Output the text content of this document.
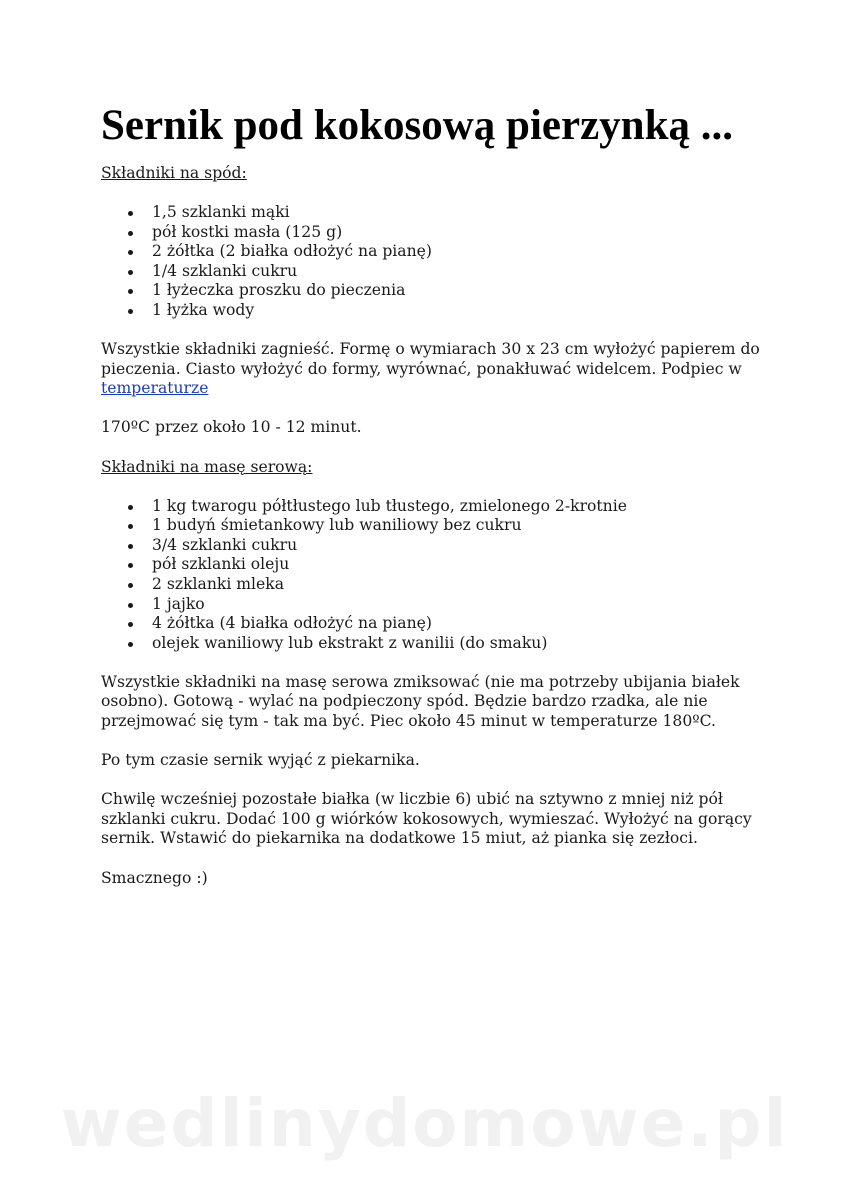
Sernik pod kokosową pierzynką ...

Składniki na spód:

1,5 szklanki mąki
pół kostki masła (125 g)
2 żółtka (2 białka odłożyć na pianę)
1/4 szklanki cukru
1 łyżeczka proszku do pieczenia
1 łyżka wody

Wszystkie składniki zagnieść. Formę o wymiarach 30 x 23 cm wyłożyć papierem do pieczenia. Ciasto wyłożyć do formy, wyrównać, ponakłuwać widelcem. Podpiec w temperaturze

170ºC przez około 10 - 12 minut.

Składniki na masę serową:

1 kg twarogu półtłustego lub tłustego, zmielonego 2-krotnie
1 budyń śmietankowy lub waniliowy bez cukru
3/4 szklanki cukru
pół szklanki oleju
2 szklanki mleka
1 jajko
4 żółtka (4 białka odłożyć na pianę)
olejek waniliowy lub ekstrakt z wanilii (do smaku)

Wszystkie składniki na masę serowa zmiksować (nie ma potrzeby ubijania białek osobno). Gotową - wylać na podpieczony spód. Będzie bardzo rzadka, ale nie przejmować się tym - tak ma być. Piec około 45 minut w temperaturze 180ºC.

Po tym czasie sernik wyjąć z piekarnika.

Chwilę wcześniej pozostałe białka (w liczbie 6) ubić na sztywno z mniej niż pół szklanki cukru. Dodać 100 g wiórków kokosowych, wymieszać. Wyłożyć na gorący sernik. Wstawić do piekarnika na dodatkowe 15 miut, aż pianka się zezłoci.

Smacznego :)

wedlinydomowe.pl
